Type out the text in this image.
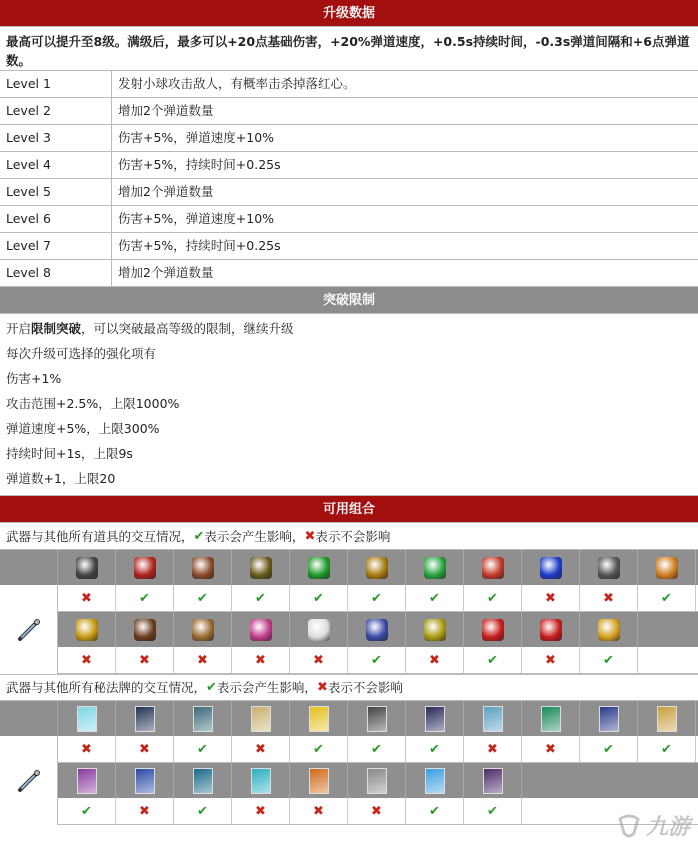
升级数据
最高可以提升至8级。满级后，最多可以+20点基础伤害，+20%弹道速度，+0.5s持续时间，-0.3s弹道间隔和+6点弹道数。
Level 1	发射小球攻击敌人，有概率击杀掉落红心。
Level 2	增加2个弹道数量
Level 3	伤害+5%，弹道速度+10%
Level 4	伤害+5%，持续时间+0.25s
Level 5	增加2个弹道数量
Level 6	伤害+5%，弹道速度+10%
Level 7	伤害+5%，持续时间+0.25s
Level 8	增加2个弹道数量
突破限制
开启限制突破，可以突破最高等级的限制，继续升级
每次升级可选择的强化项有
伤害+1%
攻击范围+2.5%，上限1000%
弹道速度+5%，上限300%
持续时间+1s，上限9s
弹道数+1，上限20
可用组合
武器与其他所有道具的交互情况， ✔ 表示会产生影响， ✖ 表示不会影响
✖	✔	✔	✔	✔	✔	✔	✔	✖	✖	✔
✖	✖	✖	✖	✖	✔	✖	✔	✖	✔
武器与其他所有秘法牌的交互情况， ✔ 表示会产生影响， ✖ 表示不会影响
✖	✖	✔	✖	✔	✔	✔	✖	✖	✔	✔
✔	✖	✔	✖	✖	✖	✔	✔
九游
